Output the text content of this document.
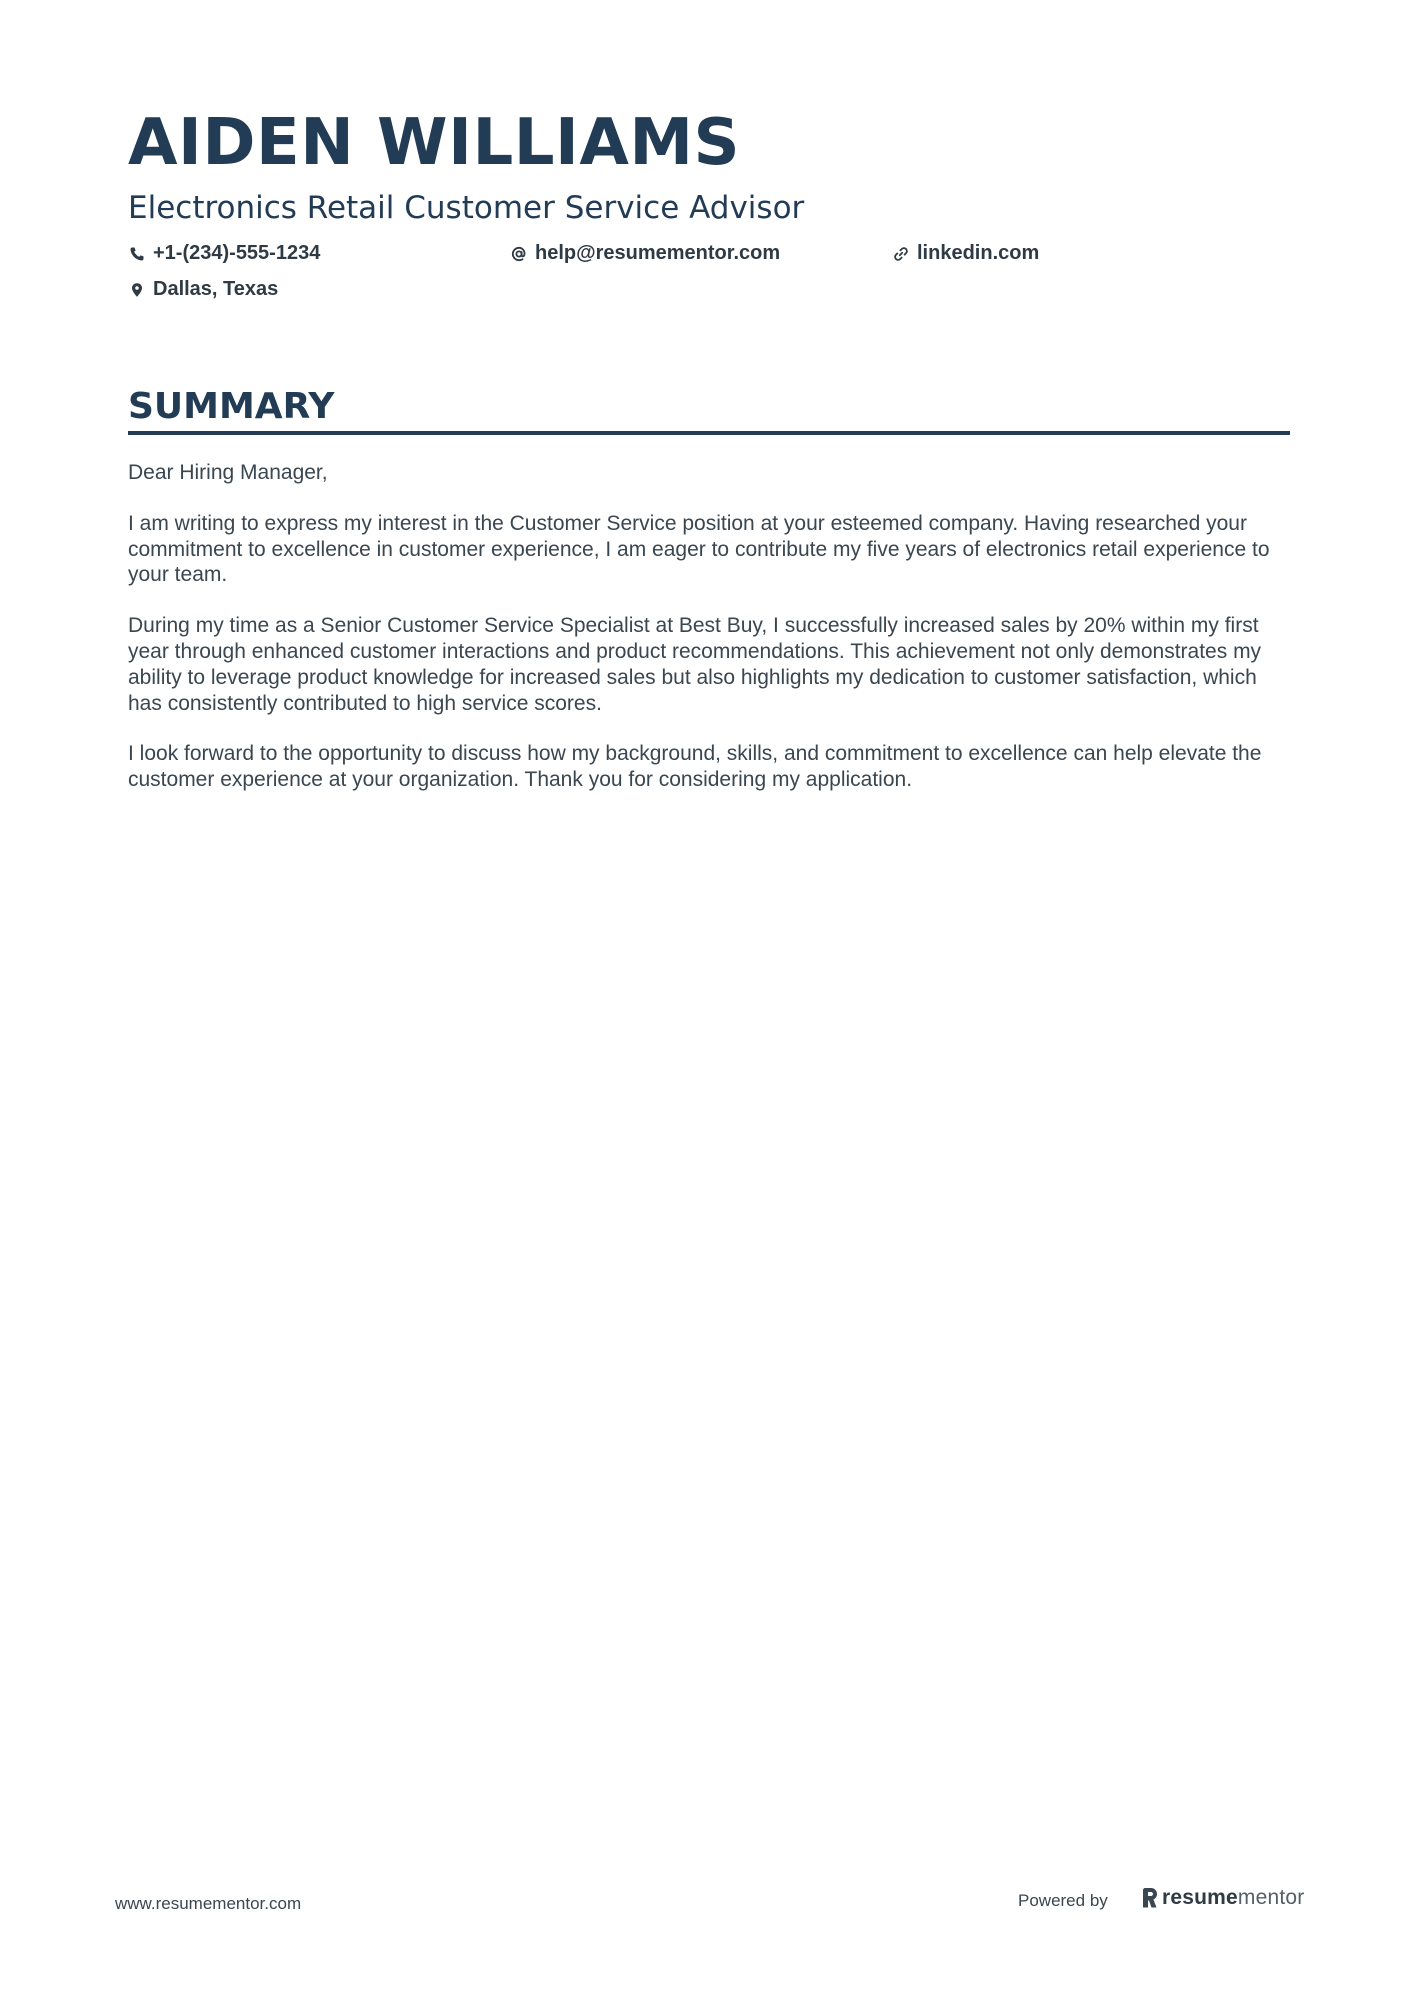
AIDEN WILLIAMS
Electronics Retail Customer Service Advisor
+1-(234)-555-1234	help@resumementor.com	linkedin.com
Dallas, Texas
SUMMARY

Dear Hiring Manager,

I am writing to express my interest in the Customer Service position at your esteemed company. Having researched your commitment to excellence in customer experience, I am eager to contribute my five years of electronics retail experience to your team.

During my time as a Senior Customer Service Specialist at Best Buy, I successfully increased sales by 20% within my first year through enhanced customer interactions and product recommendations. This achievement not only demonstrates my ability to leverage product knowledge for increased sales but also highlights my dedication to customer satisfaction, which has consistently contributed to high service scores.

I look forward to the opportunity to discuss how my background, skills, and commitment to excellence can help elevate the customer experience at your organization. Thank you for considering my application.

www.resumementor.com	Powered by	resumementor
